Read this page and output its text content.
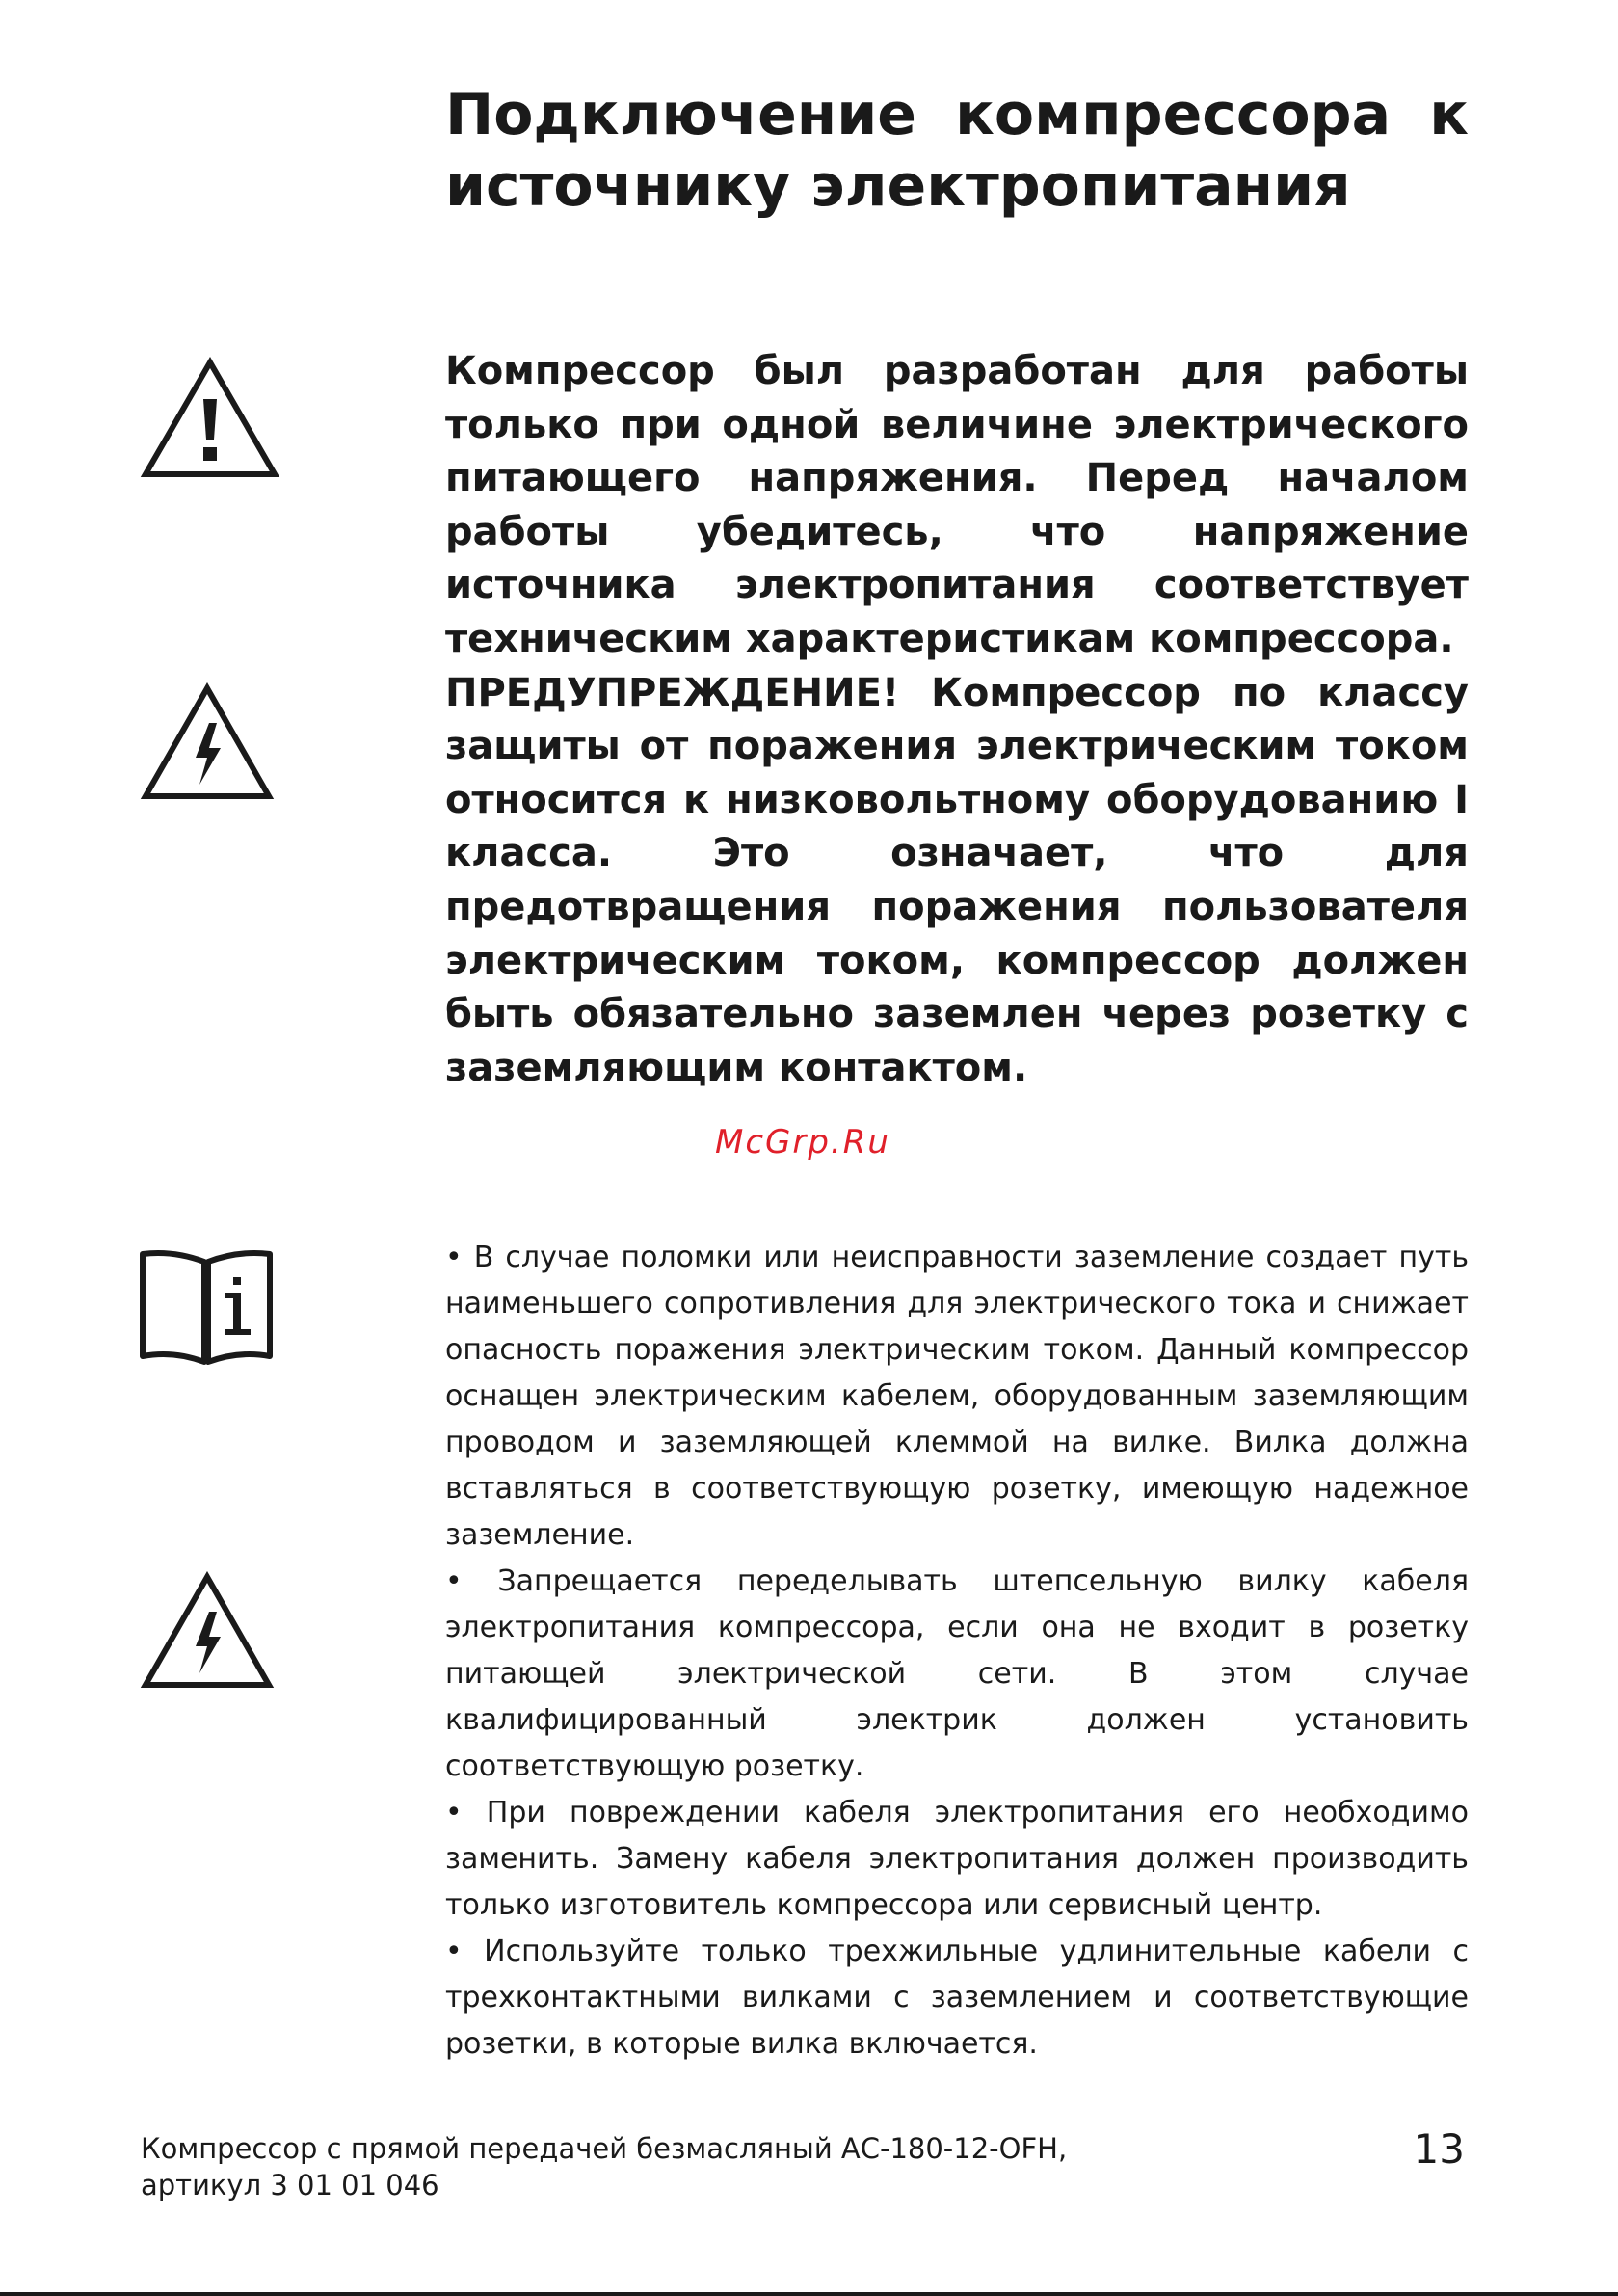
Подключение компрессора к источнику электропитания

Компрессор был разработан для работы только при одной величине электрического питающего напряжения. Перед началом работы убедитесь, что напряжение источника электропитания соответствует техническим характеристикам компрессора.

ПРЕДУПРЕЖДЕНИЕ! Компрессор по классу защиты от поражения электрическим током относится к низковольтному оборудованию I класса. Это означает, что для предотвращения поражения пользователя электрическим током, компрессор должен быть обязательно заземлен через розетку с заземляющим контактом.

McGrp.Ru

• В случае поломки или неисправности заземление создает путь наименьшего сопротивления для электрического тока и снижает опасность поражения электрическим током. Данный компрессор оснащен электрическим кабелем, оборудованным заземляющим проводом и заземляющей клеммой на вилке. Вилка должна вставляться в соответствующую розетку, имеющую надежное заземление.

• Запрещается переделывать штепсельную вилку кабеля электропитания компрессора, если она не входит в розетку питающей электрической сети. В этом случае квалифицированный электрик должен установить соответствующую розетку.

• При повреждении кабеля электропитания его необходимо заменить. Замену кабеля электропитания должен производить только изготовитель компрессора или сервисный центр.

• Используйте только трехжильные удлинительные кабели с трехконтактными вилками с заземлением и соответствующие розетки, в которые вилка включается.

Компрессор с прямой передачей безмасляный АС-180-12-OFH,
артикул 3 01 01 046
13
